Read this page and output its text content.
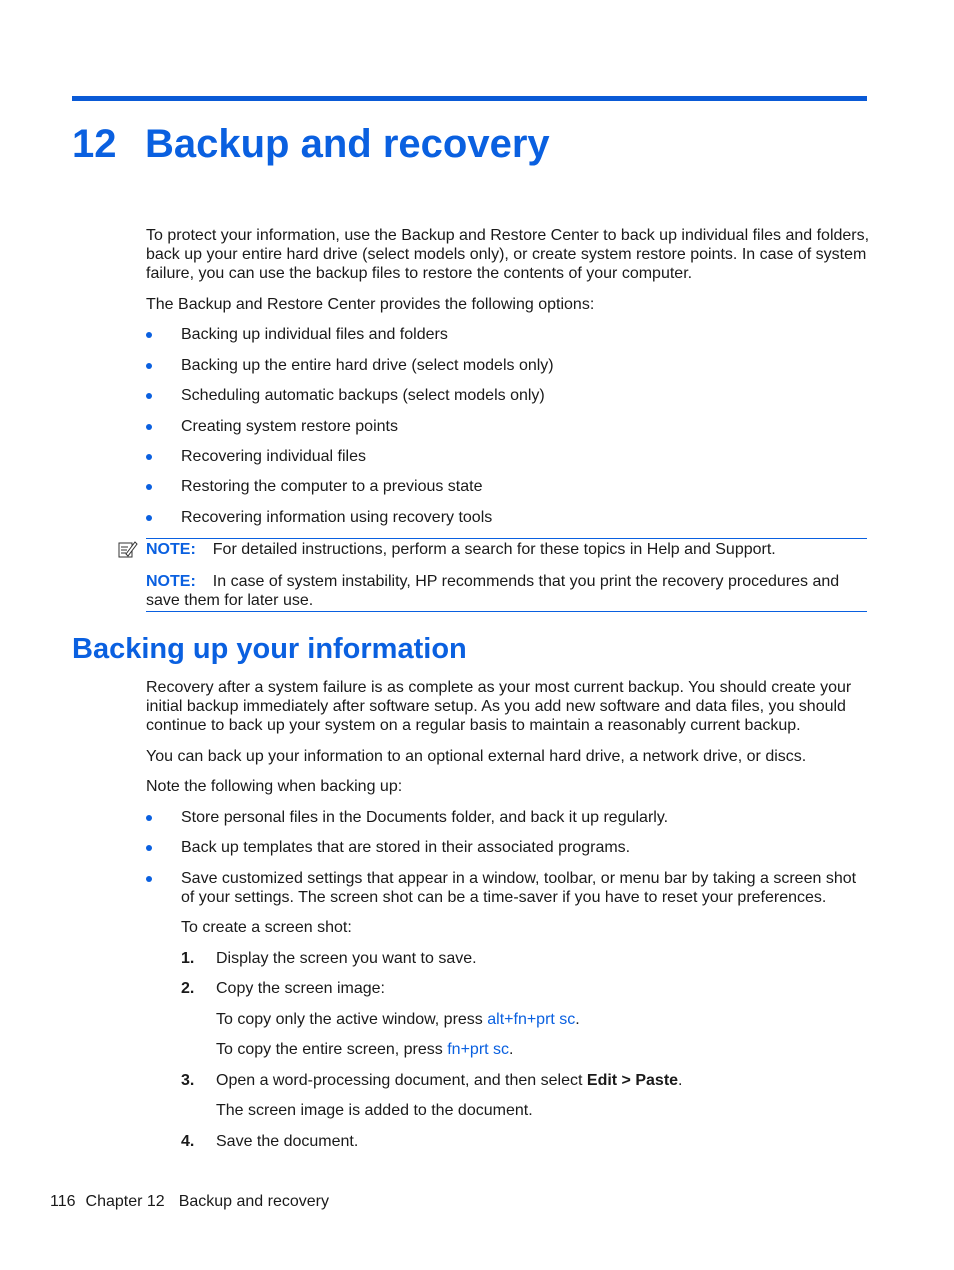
12 Backup and recovery
To protect your information, use the Backup and Restore Center to back up individual files and folders, back up your entire hard drive (select models only), or create system restore points. In case of system failure, you can use the backup files to restore the contents of your computer.
The Backup and Restore Center provides the following options:
Backing up individual files and folders
Backing up the entire hard drive (select models only)
Scheduling automatic backups (select models only)
Creating system restore points
Recovering individual files
Restoring the computer to a previous state
Recovering information using recovery tools
NOTE: For detailed instructions, perform a search for these topics in Help and Support.
NOTE: In case of system instability, HP recommends that you print the recovery procedures and save them for later use.
Backing up your information
Recovery after a system failure is as complete as your most current backup. You should create your initial backup immediately after software setup. As you add new software and data files, you should continue to back up your system on a regular basis to maintain a reasonably current backup.
You can back up your information to an optional external hard drive, a network drive, or discs.
Note the following when backing up:
Store personal files in the Documents folder, and back it up regularly.
Back up templates that are stored in their associated programs.
Save customized settings that appear in a window, toolbar, or menu bar by taking a screen shot of your settings. The screen shot can be a time-saver if you have to reset your preferences.
To create a screen shot:
1. Display the screen you want to save.
2. Copy the screen image:
To copy only the active window, press alt+fn+prt sc.
To copy the entire screen, press fn+prt sc.
3. Open a word-processing document, and then select Edit > Paste.
The screen image is added to the document.
4. Save the document.
116 Chapter 12 Backup and recovery
